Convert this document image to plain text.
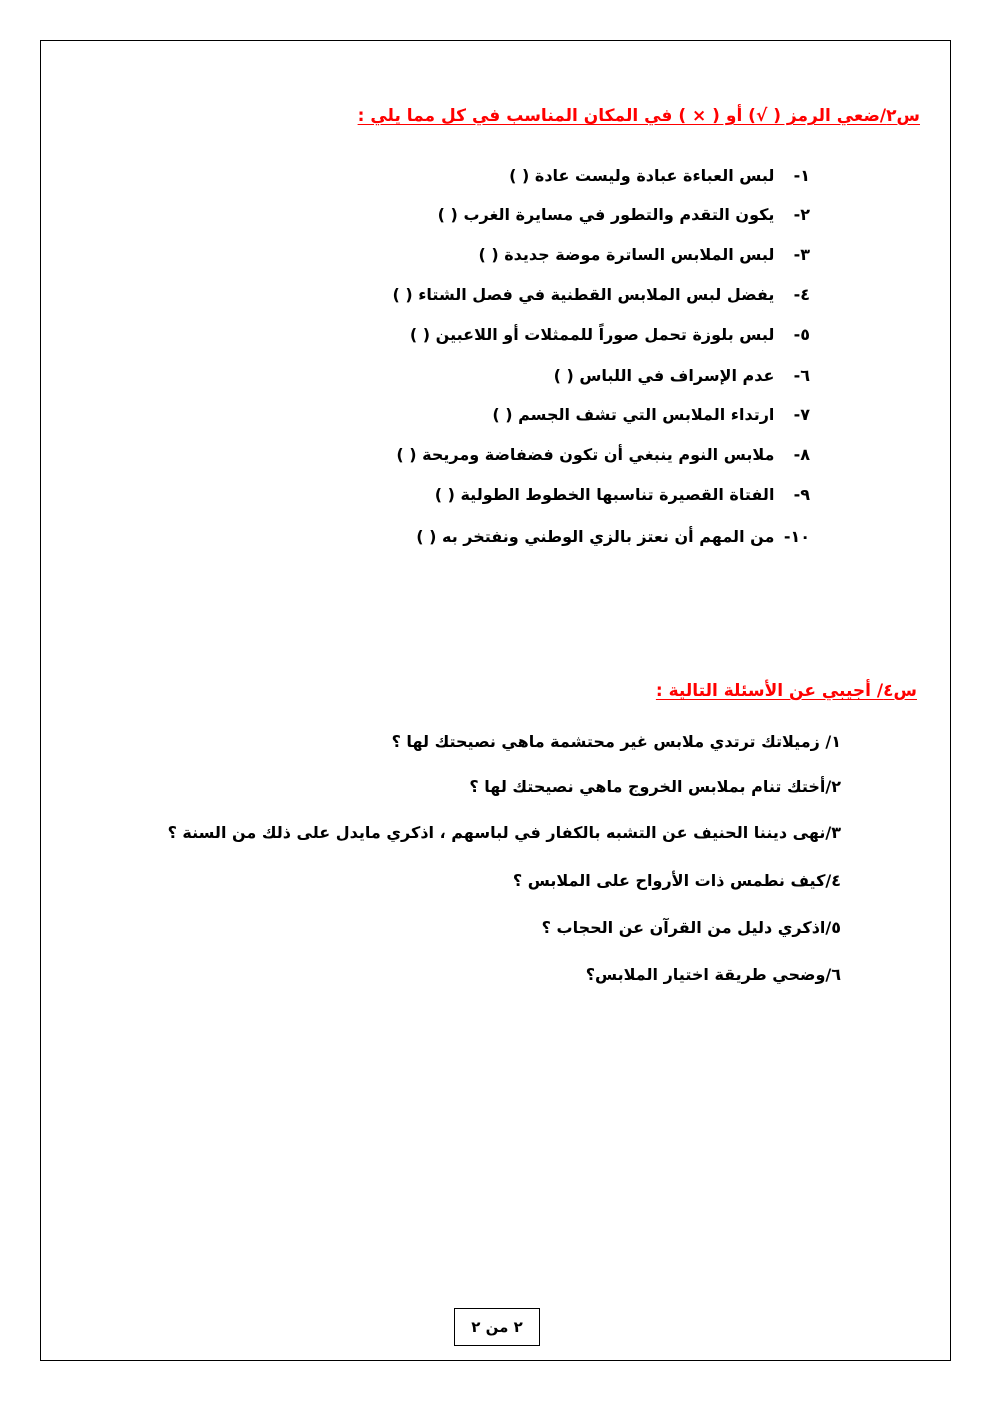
س٢/ضعي الرمز ( √) أو ( × ) في المكان المناسب في كل مما يلي :
١- لبس العباءة عبادة وليست عادة ( )
٢- يكون التقدم والتطور في مسايرة الغرب ( )
٣- لبس الملابس الساترة موضة جديدة ( )
٤- يفضل لبس الملابس القطنية في فصل الشتاء ( )
٥- لبس بلوزة تحمل صوراً للممثلات أو اللاعبين ( )
٦- عدم الإسراف في اللباس ( )
٧- ارتداء الملابس التي تشف الجسم ( )
٨- ملابس النوم ينبغي أن تكون فضفاضة ومريحة ( )
٩- الفتاة القصيرة تناسبها الخطوط الطولية ( )
١٠- من المهم أن نعتز بالزي الوطني ونفتخر به ( )
س٤/ أجيبي عن الأسئلة التالية :
١/ زميلاتك ترتدي ملابس غير محتشمة ماهي نصيحتك لها ؟
٢/أختك تنام بملابس الخروج ماهي نصيحتك لها ؟
٣/نهى ديننا الحنيف عن التشبه بالكفار في لباسهم ، اذكري مايدل على ذلك من السنة ؟
٤/كيف نطمس ذات الأرواح على الملابس ؟
٥/اذكري دليل من القرآن عن الحجاب ؟
٦/وضحي طريقة اختيار الملابس؟
٢ من ٢
